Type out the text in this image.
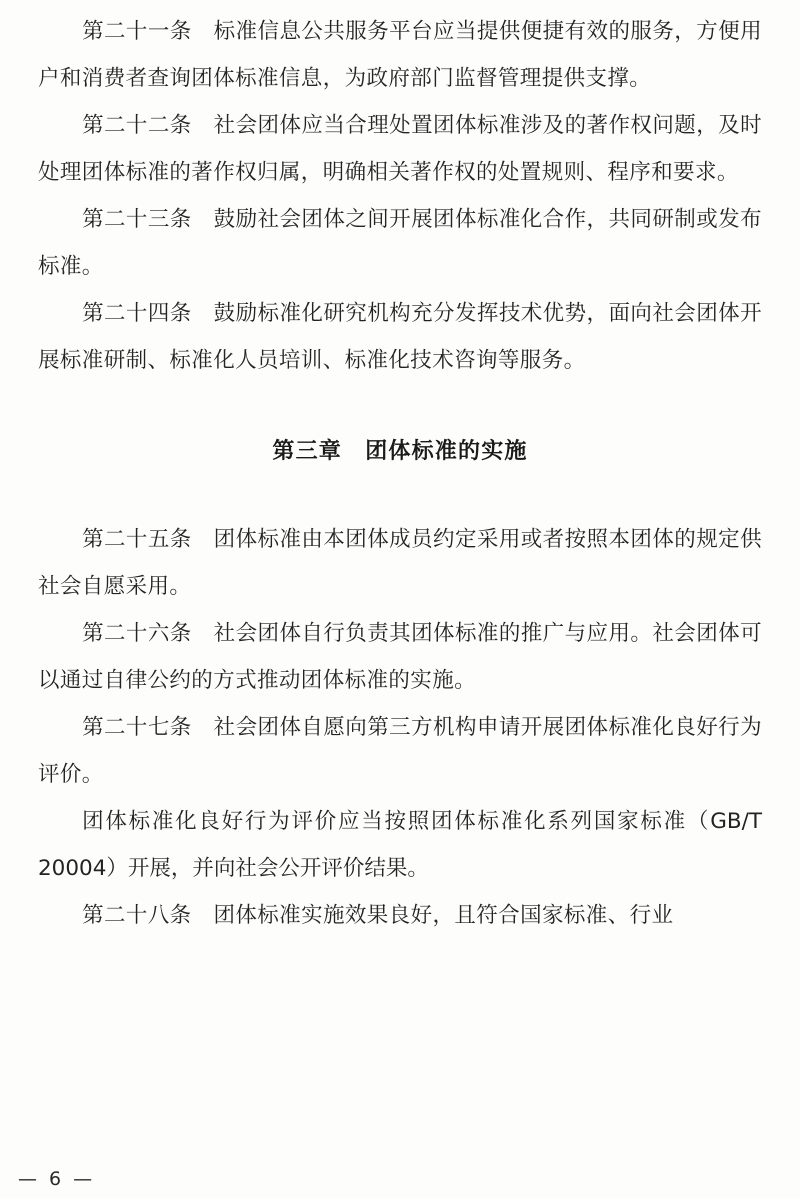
第二十一条　标准信息公共服务平台应当提供便捷有效的服务，方便用户和消费者查询团体标准信息，为政府部门监督管理提供支撑。

第二十二条　社会团体应当合理处置团体标准涉及的著作权问题，及时处理团体标准的著作权归属，明确相关著作权的处置规则、程序和要求。

第二十三条　鼓励社会团体之间开展团体标准化合作，共同研制或发布标准。

第二十四条　鼓励标准化研究机构充分发挥技术优势，面向社会团体开展标准研制、标准化人员培训、标准化技术咨询等服务。

第三章　团体标准的实施

第二十五条　团体标准由本团体成员约定采用或者按照本团体的规定供社会自愿采用。

第二十六条　社会团体自行负责其团体标准的推广与应用。社会团体可以通过自律公约的方式推动团体标准的实施。

第二十七条　社会团体自愿向第三方机构申请开展团体标准化良好行为评价。

团体标准化良好行为评价应当按照团体标准化系列国家标准（GB/T 20004）开展，并向社会公开评价结果。

第二十八条　团体标准实施效果良好，且符合国家标准、行业

— 6 —
